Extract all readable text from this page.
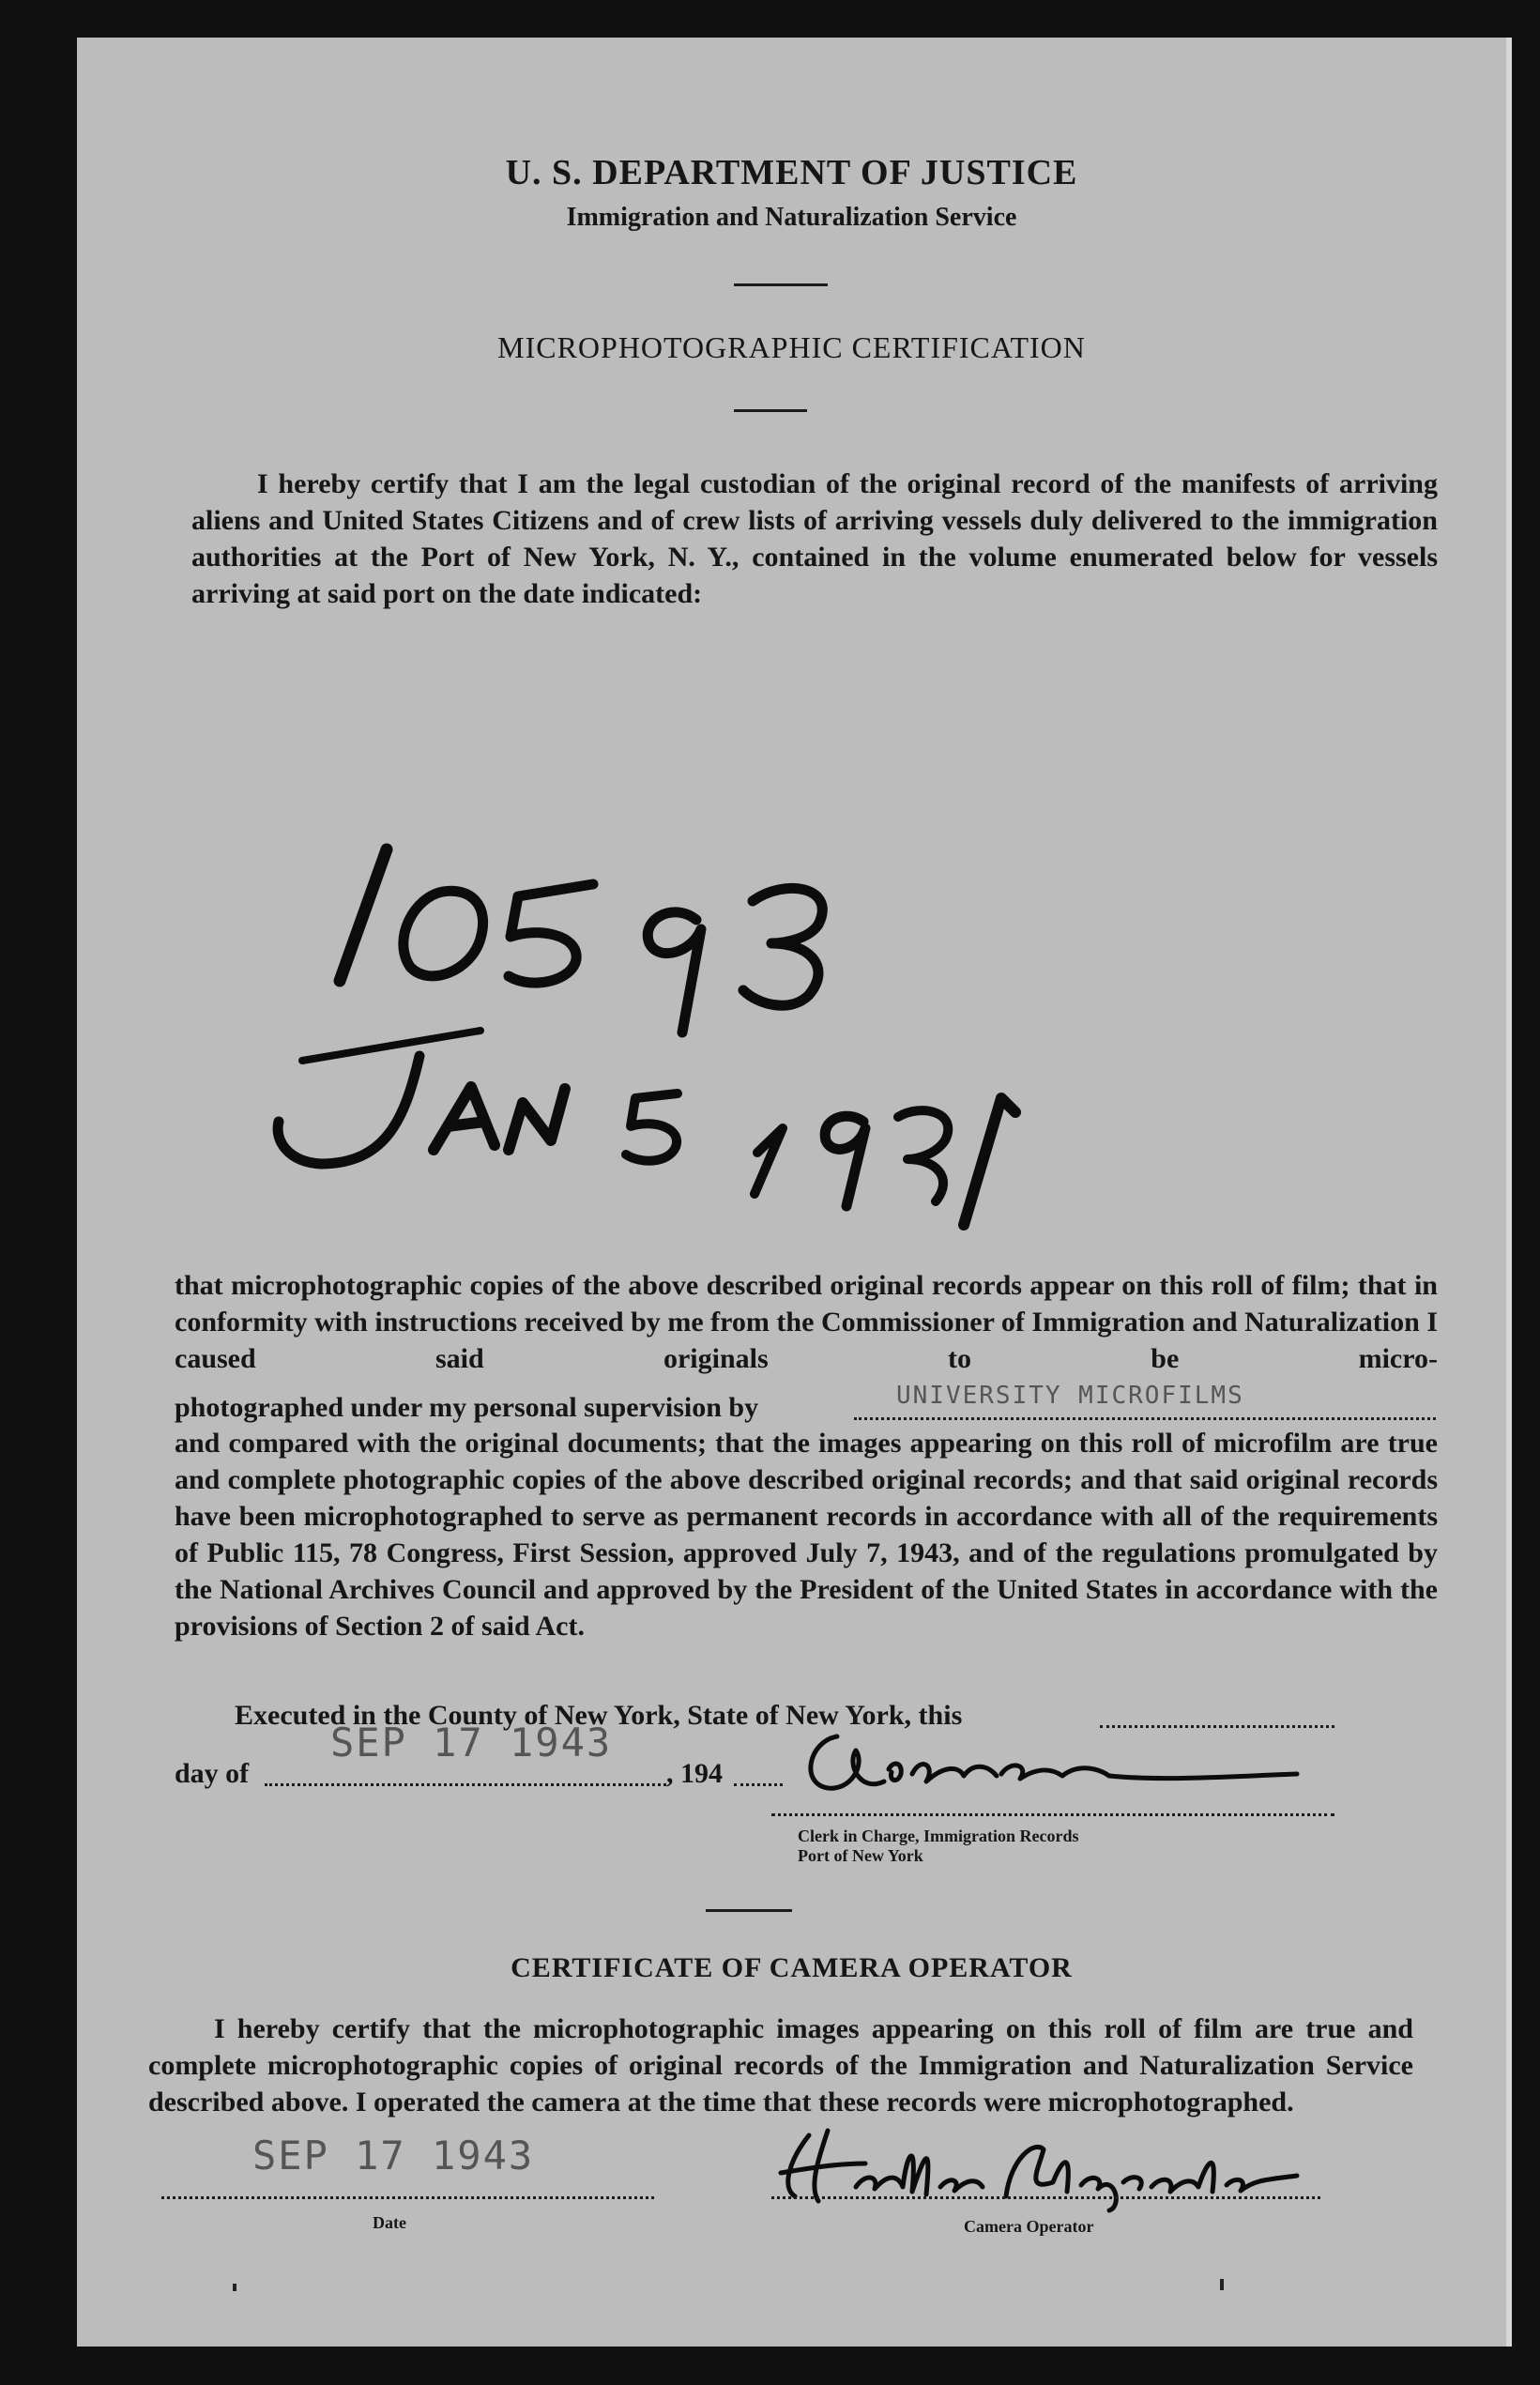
U. S. DEPARTMENT OF JUSTICE
Immigration and Naturalization Service
MICROPHOTOGRAPHIC CERTIFICATION
I hereby certify that I am the legal custodian of the original record of the manifests of arriving aliens and United States Citizens and of crew lists of arriving vessels duly delivered to the immigration authorities at the Port of New York, N. Y., contained in the volume enumerated below for vessels arriving at said port on the date indicated:
that microphotographic copies of the above described original records appear on this roll of film; that in conformity with instructions received by me from the Commissioner of Immigration and Naturalization I caused said originals to be micro-
photographed under my personal supervision by	UNIVERSITY MICROFILMS
and compared with the original documents; that the images appearing on this roll of microfilm are true and complete photographic copies of the above described original records; and that said original records have been microphotographed to serve as permanent records in accordance with all of the requirements of Public 115, 78 Congress, First Session, approved July 7, 1943, and of the regulations promulgated by the National Archives Council and approved by the President of the United States in accordance with the provisions of Section 2 of said Act.
Executed in the County of New York, State of New York, this
day of
SEP 17 1943
, 194
Clerk in Charge, Immigration Records
Port of New York
CERTIFICATE OF CAMERA OPERATOR
I hereby certify that the microphotographic images appearing on this roll of film are true and complete microphotographic copies of original records of the Immigration and Naturalization Service described above. I operated the camera at the time that these records were microphotographed.
SEP 17 1943
Date	Camera Operator
